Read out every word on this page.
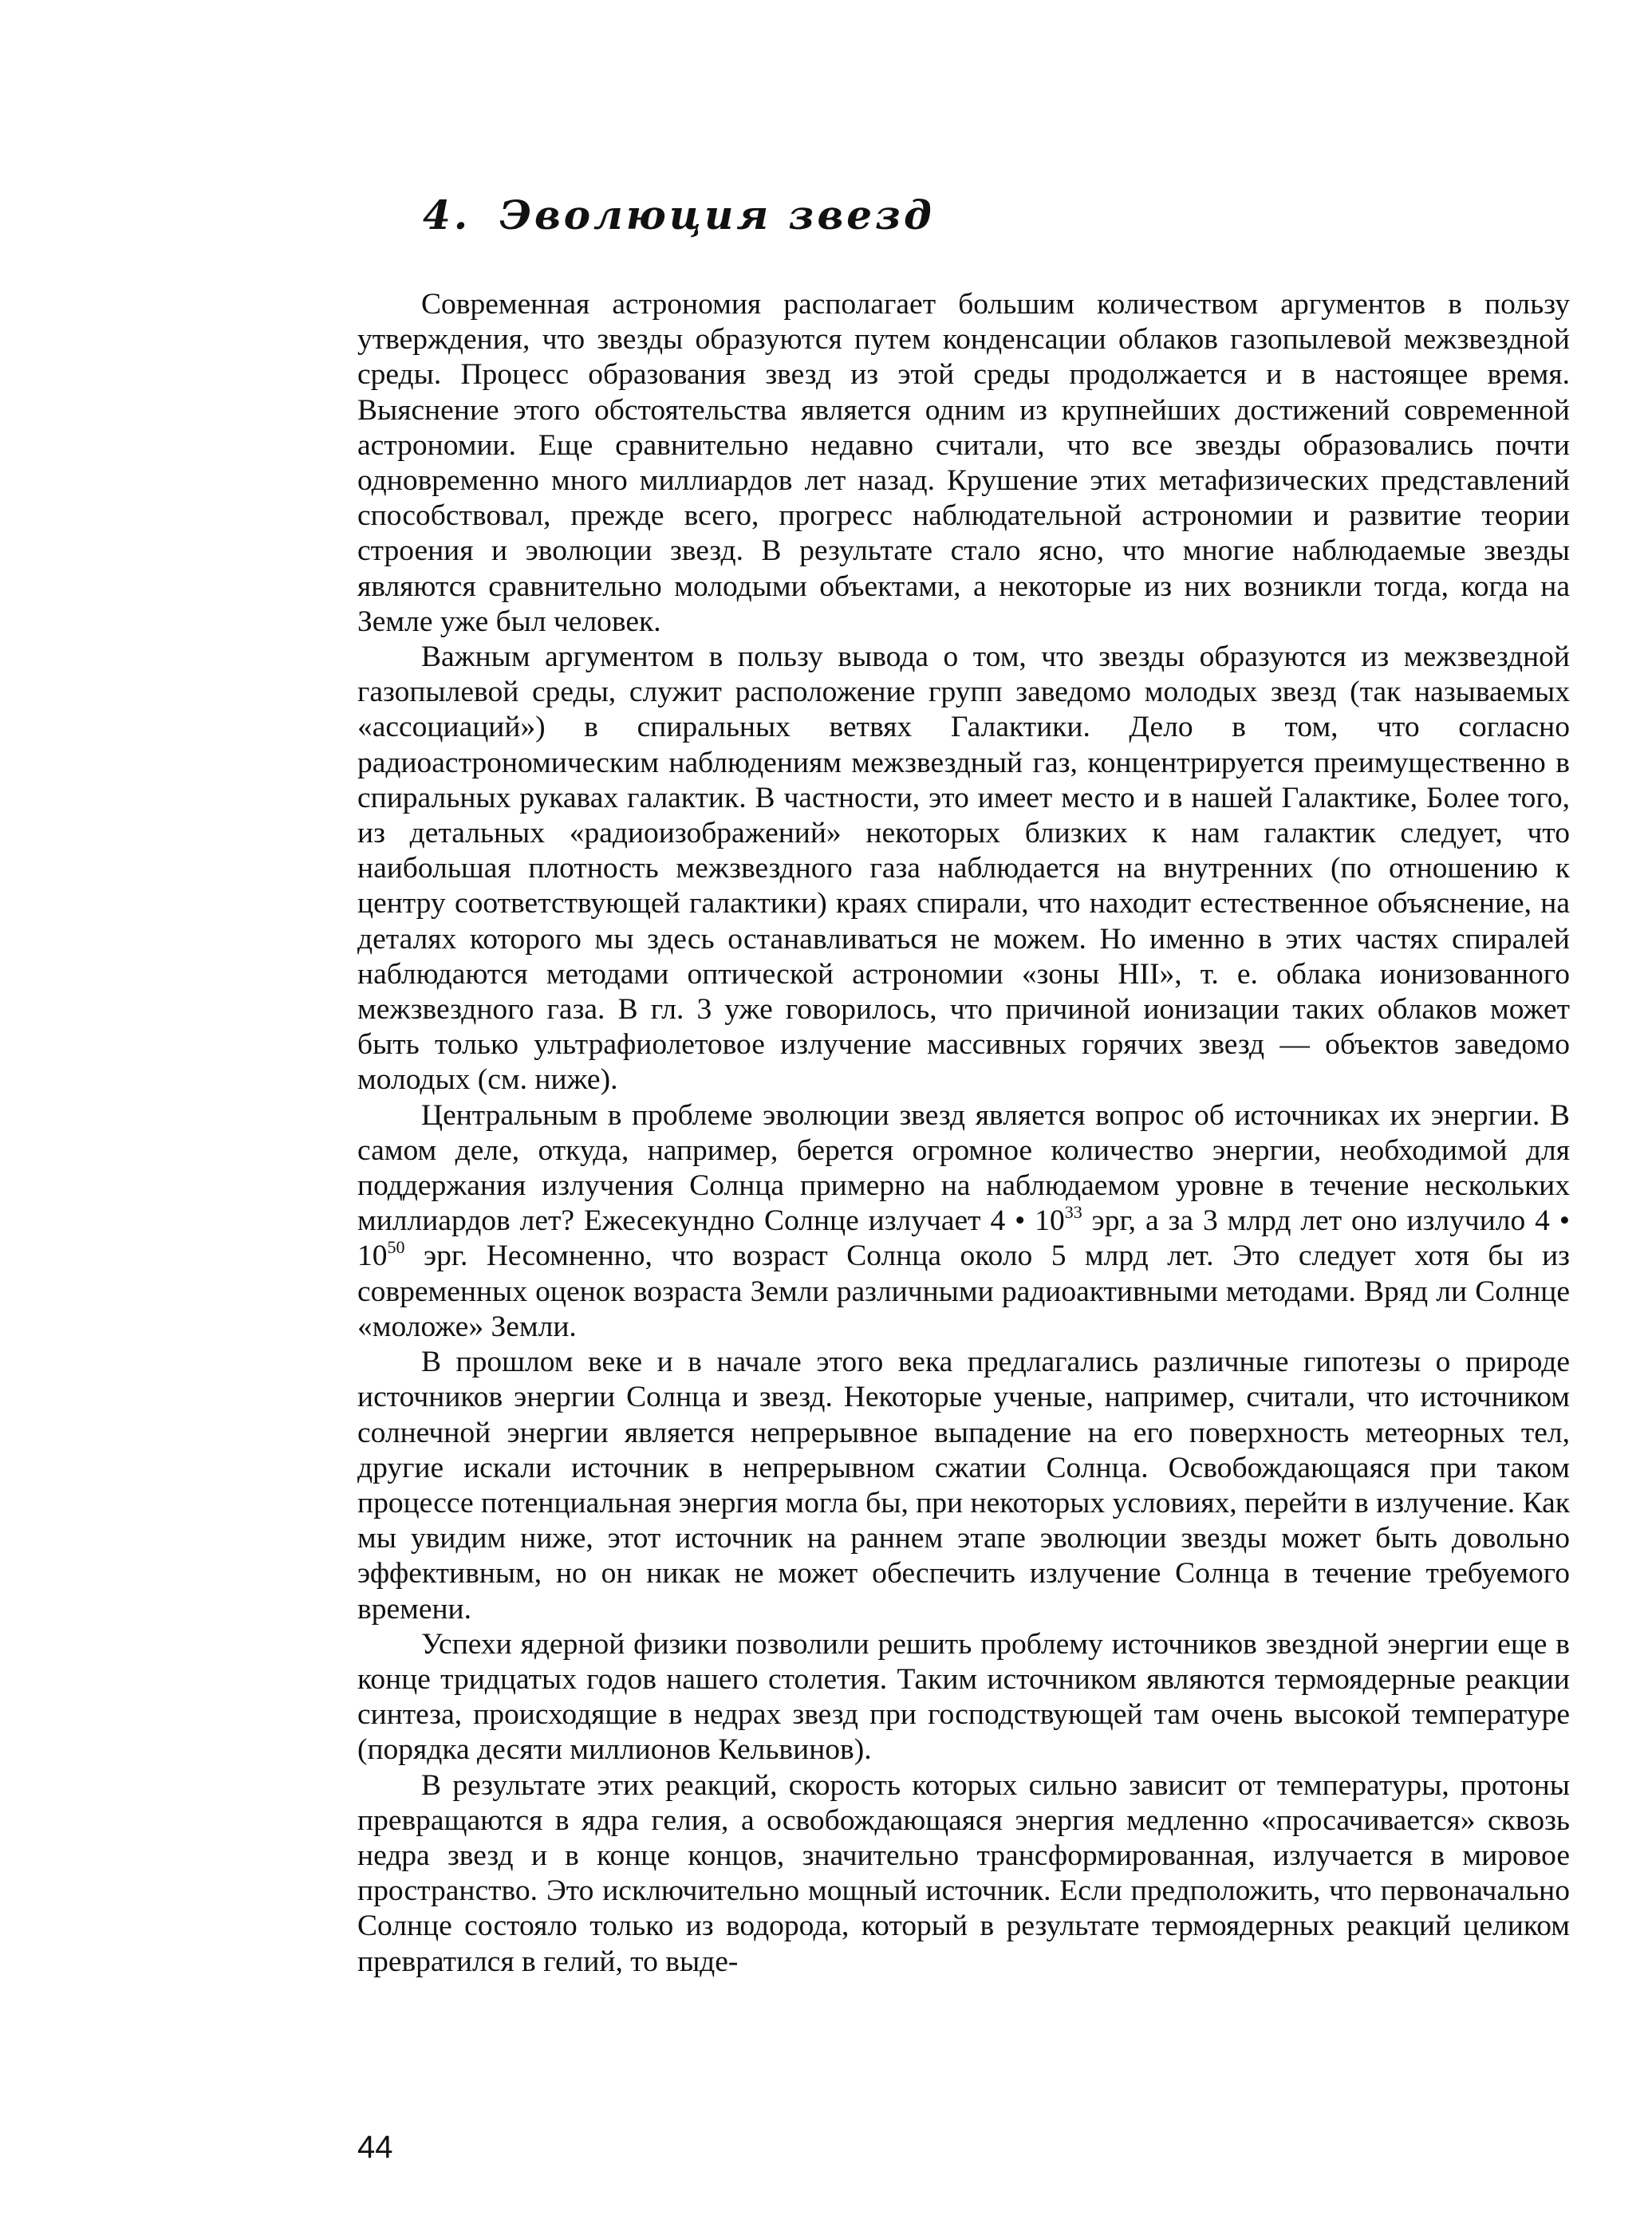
4. Эволюция звезд

Современная астрономия располагает большим количеством аргументов в пользу утверждения, что звезды образуются путем конденсации облаков газопылевой межзвездной среды. Процесс образования звезд из этой среды продолжается и в настоящее время. Выяснение этого обстоятельства является одним из крупнейших достижений современной астрономии. Еще сравнительно недавно считали, что все звезды образовались почти одновременно много миллиардов лет назад. Крушение этих метафизических представлений способствовал, прежде всего, прогресс наблюдательной астрономии и развитие теории строения и эволюции звезд. В результате стало ясно, что многие наблюдаемые звезды являются сравнительно молодыми объектами, а некоторые из них возникли тогда, когда на Земле уже был человек.

Важным аргументом в пользу вывода о том, что звезды образуются из межзвездной газопылевой среды, служит расположение групп заведомо молодых звезд (так называемых «ассоциаций») в спиральных ветвях Галактики. Дело в том, что согласно радиоастрономическим наблюдениям межзвездный газ, концентрируется преимущественно в спиральных рукавах галактик. В частности, это имеет место и в нашей Галактике, Более того, из детальных «радиоизображений» некоторых близких к нам галактик следует, что наибольшая плотность межзвездного газа наблюдается на внутренних (по отношению к центру соответствующей галактики) краях спирали, что находит естественное объяснение, на деталях которого мы здесь останавливаться не можем. Но именно в этих частях спиралей наблюдаются методами оптической астрономии «зоны НII», т. е. облака ионизованного межзвездного газа. В гл. 3 уже говорилось, что причиной ионизации таких облаков может быть только ультрафиолетовое излучение массивных горячих звезд — объектов заведомо молодых (см. ниже).

Центральным в проблеме эволюции звезд является вопрос об источниках их энергии. В самом деле, откуда, например, берется огромное количество энергии, необходимой для поддержания излучения Солнца примерно на наблюдаемом уровне в течение нескольких миллиардов лет? Ежесекундно Солнце излучает 4 • $10^{33}$ эрг, а за 3 млрд лет оно излучило 4 • $10^{50}$ эрг. Несомненно, что возраст Солнца около 5 млрд лет. Это следует хотя бы из современных оценок возраста Земли различными радиоактивными методами. Вряд ли Солнце «моложе» Земли.

В прошлом веке и в начале этого века предлагались различные гипотезы о природе источников энергии Солнца и звезд. Некоторые ученые, например, считали, что источником солнечной энергии является непрерывное выпадение на его поверхность метеорных тел, другие искали источник в непрерывном сжатии Солнца. Освобождающаяся при таком процессе потенциальная энергия могла бы, при некоторых условиях, перейти в излучение. Как мы увидим ниже, этот источник на раннем этапе эволюции звезды может быть довольно эффективным, но он никак не может обеспечить излучение Солнца в течение требуемого времени.

Успехи ядерной физики позволили решить проблему источников звездной энергии еще в конце тридцатых годов нашего столетия. Таким источником являются термоядерные реакции синтеза, происходящие в недрах звезд при господствующей там очень высокой температуре (порядка десяти миллионов Кельвинов).

В результате этих реакций, скорость которых сильно зависит от температуры, протоны превращаются в ядра гелия, а освобождающаяся энергия медленно «просачивается» сквозь недра звезд и в конце концов, значительно трансформированная, излучается в мировое пространство. Это исключительно мощный источник. Если предположить, что первоначально Солнце состояло только из водорода, который в результате термоядерных реакций целиком превратился в гелий, то выде-

44
